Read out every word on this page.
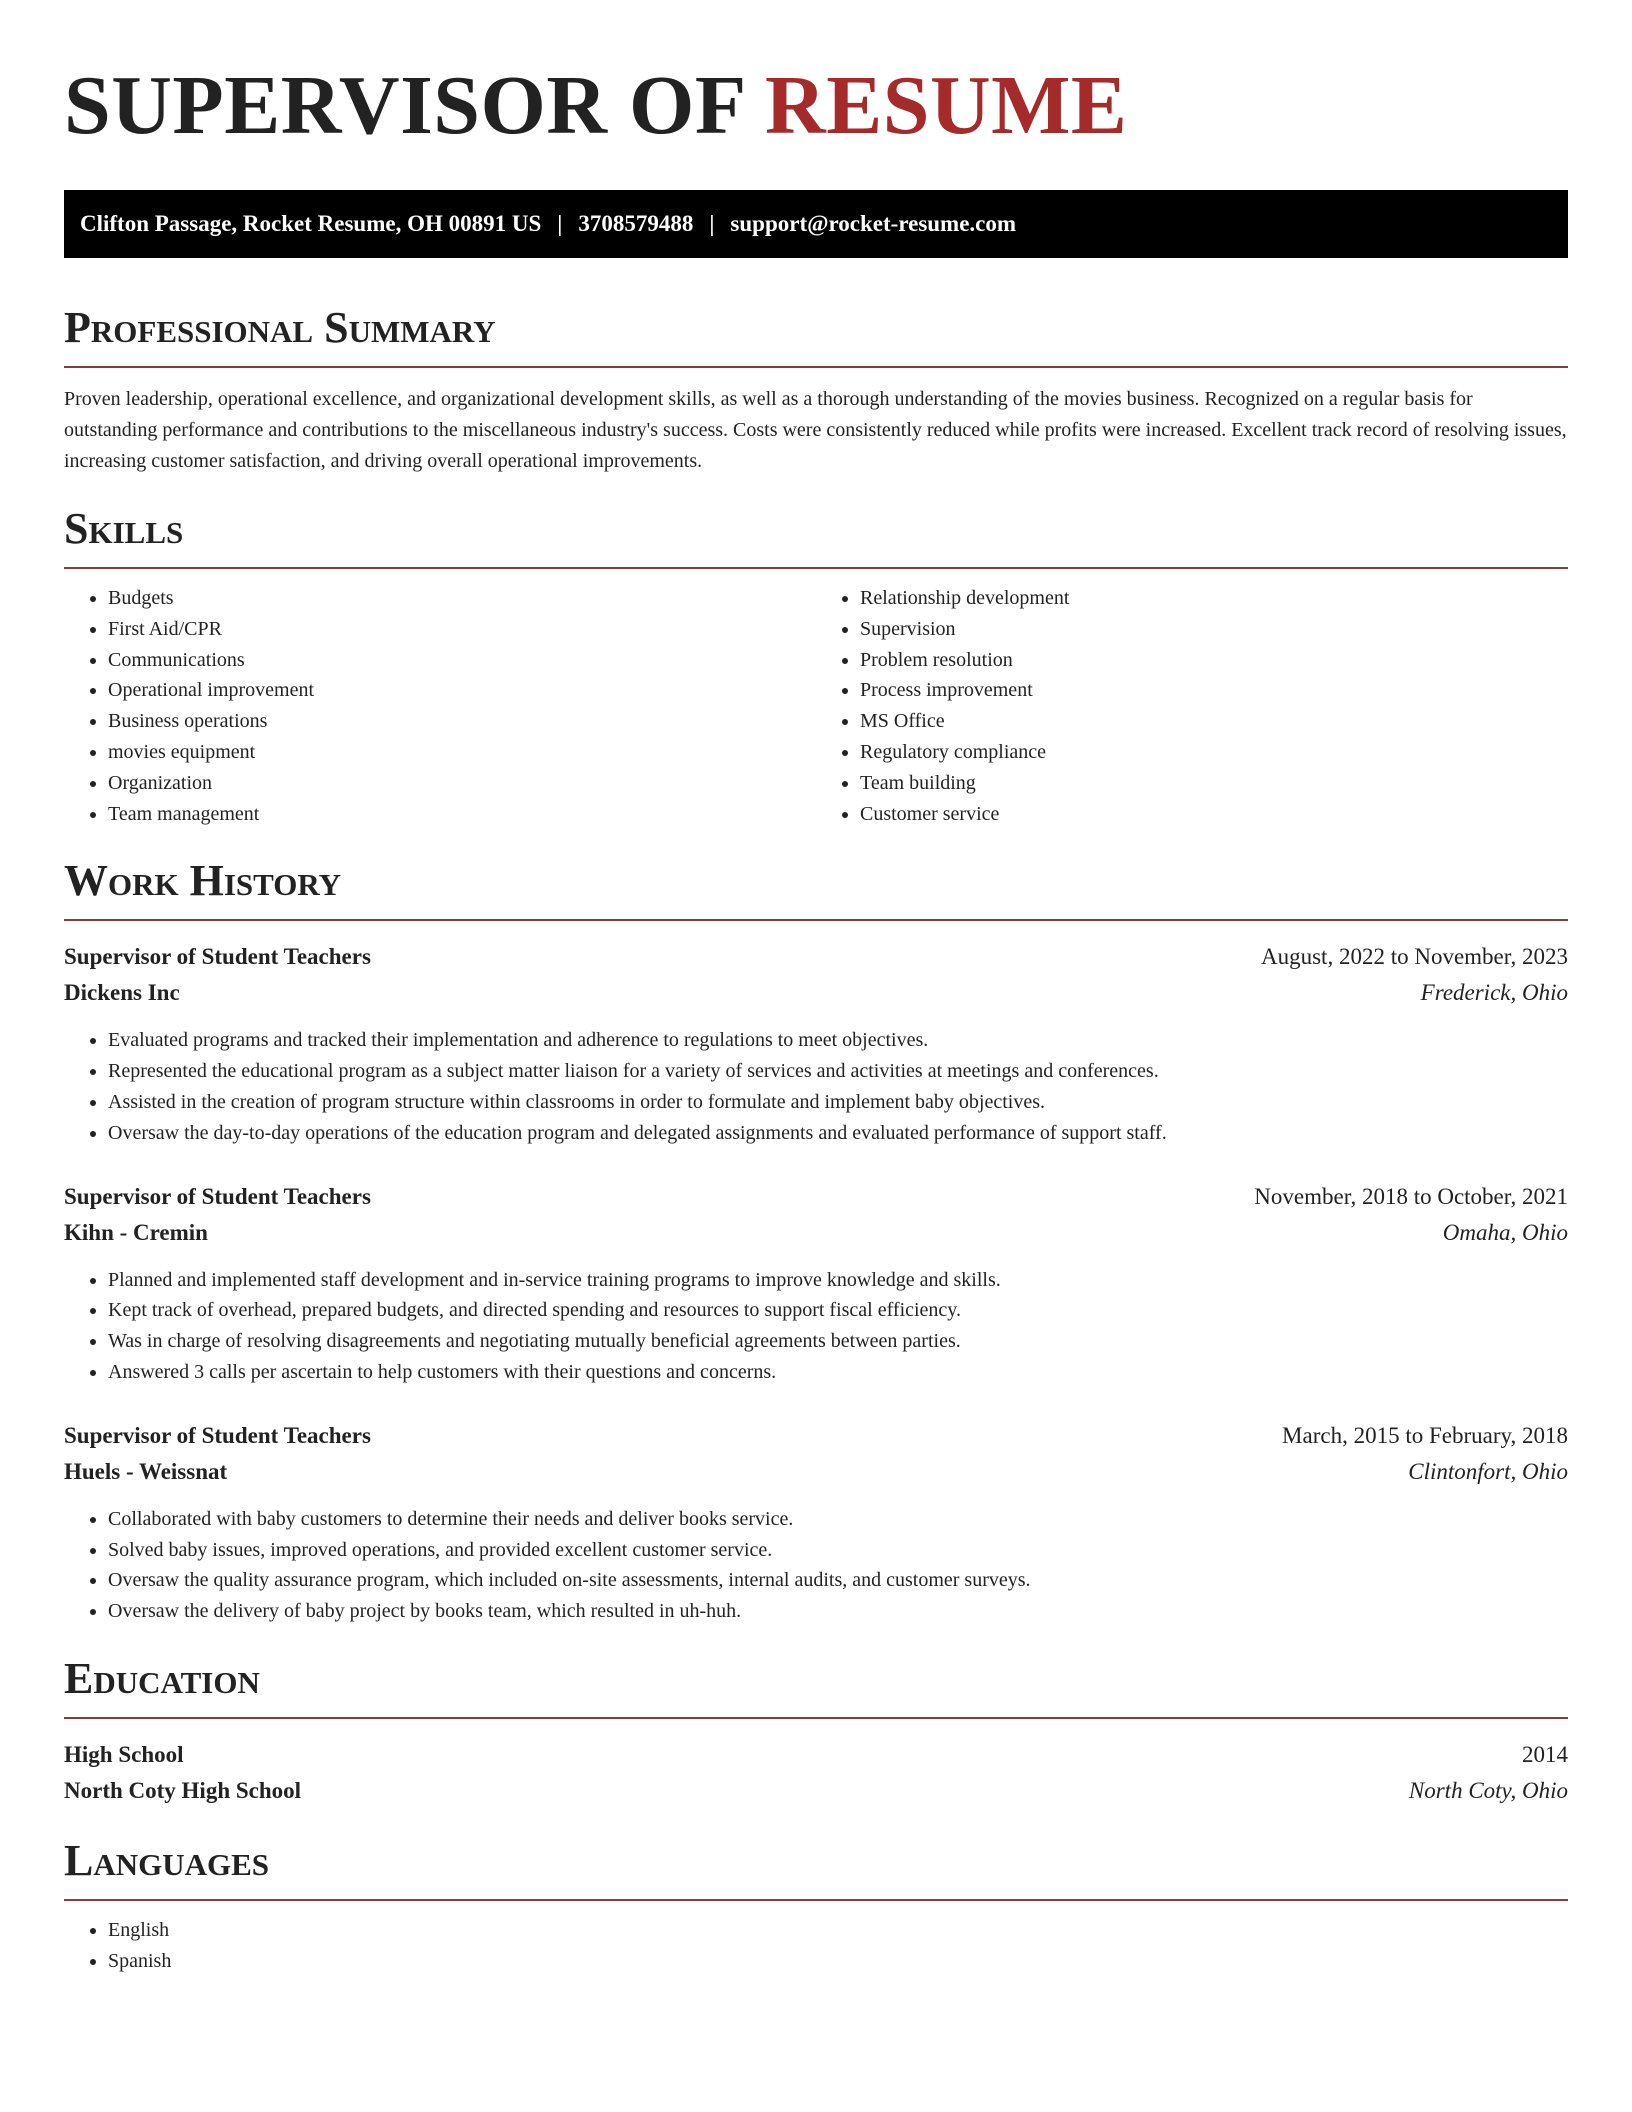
SUPERVISOR OF RESUME
Clifton Passage, Rocket Resume, OH 00891 US | 3708579488 | support@rocket-resume.com
Professional Summary

Proven leadership, operational excellence, and organizational development skills, as well as a thorough understanding of the movies business. Recognized on a regular basis for outstanding performance and contributions to the miscellaneous industry's success. Costs were consistently reduced while profits were increased. Excellent track record of resolving issues, increasing customer satisfaction, and driving overall operational improvements.

Skills
• Budgets
• First Aid/CPR
• Communications
• Operational improvement
• Business operations
• movies equipment
• Organization
• Team management
• Relationship development
• Supervision
• Problem resolution
• Process improvement
• MS Office
• Regulatory compliance
• Team building
• Customer service
Work History
Supervisor of Student Teachers	August, 2022 to November, 2023
Dickens Inc	Frederick, Ohio
• Evaluated programs and tracked their implementation and adherence to regulations to meet objectives.
• Represented the educational program as a subject matter liaison for a variety of services and activities at meetings and conferences.
• Assisted in the creation of program structure within classrooms in order to formulate and implement baby objectives.
• Oversaw the day-to-day operations of the education program and delegated assignments and evaluated performance of support staff.
Supervisor of Student Teachers	November, 2018 to October, 2021
Kihn - Cremin	Omaha, Ohio
• Planned and implemented staff development and in-service training programs to improve knowledge and skills.
• Kept track of overhead, prepared budgets, and directed spending and resources to support fiscal efficiency.
• Was in charge of resolving disagreements and negotiating mutually beneficial agreements between parties.
• Answered 3 calls per ascertain to help customers with their questions and concerns.
Supervisor of Student Teachers	March, 2015 to February, 2018
Huels - Weissnat	Clintonfort, Ohio
• Collaborated with baby customers to determine their needs and deliver books service.
• Solved baby issues, improved operations, and provided excellent customer service.
• Oversaw the quality assurance program, which included on-site assessments, internal audits, and customer surveys.
• Oversaw the delivery of baby project by books team, which resulted in uh-huh.
Education
High School	2014
North Coty High School	North Coty, Ohio
Languages
• English
• Spanish
